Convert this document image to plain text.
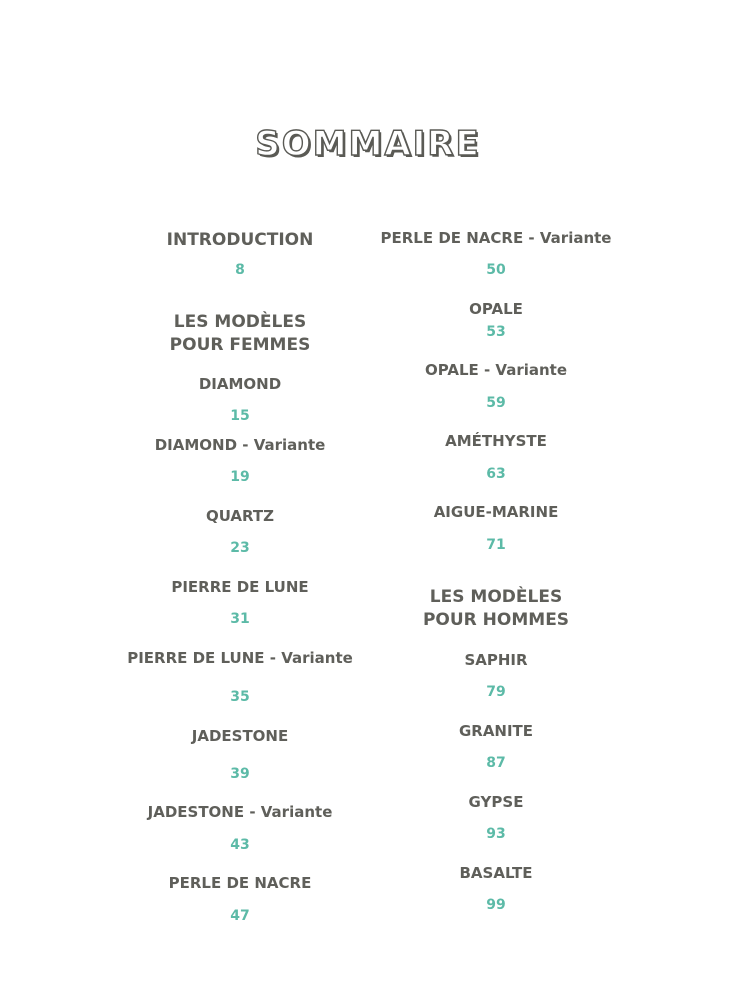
SOMMAIRE
INTRODUCTION
8
LES MODÈLES
POUR FEMMES
DIAMOND
15
DIAMOND - Variante
19
QUARTZ
23
PIERRE DE LUNE
31
PIERRE DE LUNE - Variante
35
JADESTONE
39
JADESTONE - Variante
43
PERLE DE NACRE
47
PERLE DE NACRE - Variante
50
OPALE
53
OPALE - Variante
59
AMÉTHYSTE
63
AIGUE-MARINE
71
LES MODÈLES
POUR HOMMES
SAPHIR
79
GRANITE
87
GYPSE
93
BASALTE
99
